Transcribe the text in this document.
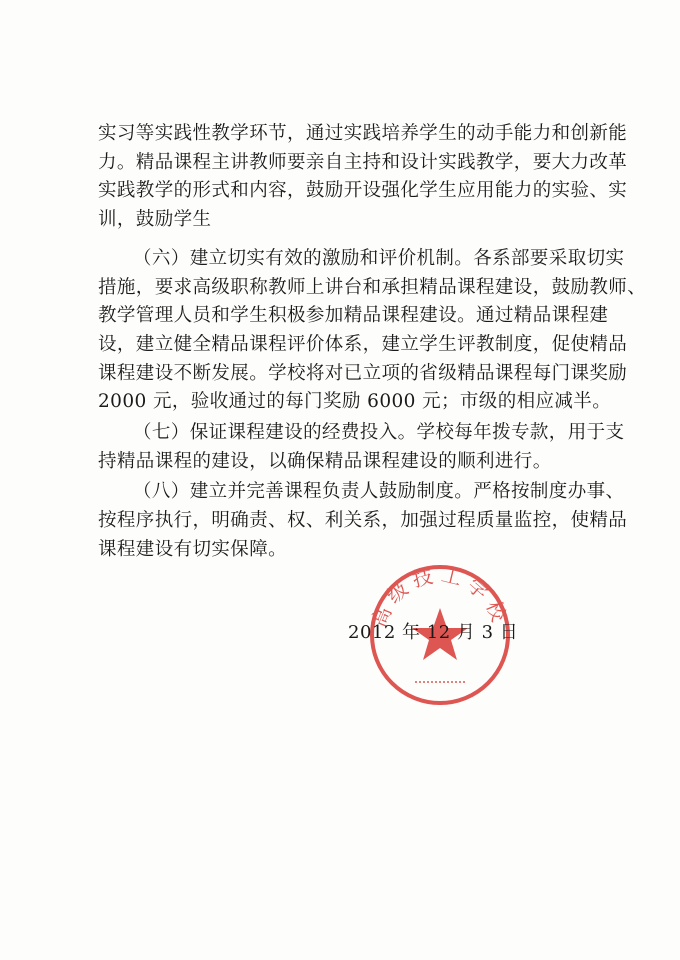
实习等实践性教学环节，通过实践培养学生的动手能力和创新能
力。精品课程主讲教师要亲自主持和设计实践教学，要大力改革
实践教学的形式和内容，鼓励开设强化学生应用能力的实验、实
训，鼓励学生
（六）建立切实有效的激励和评价机制。各系部要采取切实
措施，要求高级职称教师上讲台和承担精品课程建设，鼓励教师、
教学管理人员和学生积极参加精品课程建设。通过精品课程建
设，建立健全精品课程评价体系，建立学生评教制度，促使精品
课程建设不断发展。学校将对已立项的省级精品课程每门课奖励
2000 元，验收通过的每门奖励 6000 元；市级的相应减半。
（七）保证课程建设的经费投入。学校每年拨专款，用于支
持精品课程的建设，以确保精品课程建设的顺利进行。
（八）建立并完善课程负责人鼓励制度。严格按制度办事、
按程序执行，明确责、权、利关系，加强过程质量监控，使精品
课程建设有切实保障。
高级技工学校
2012 年 12 月 3 日
